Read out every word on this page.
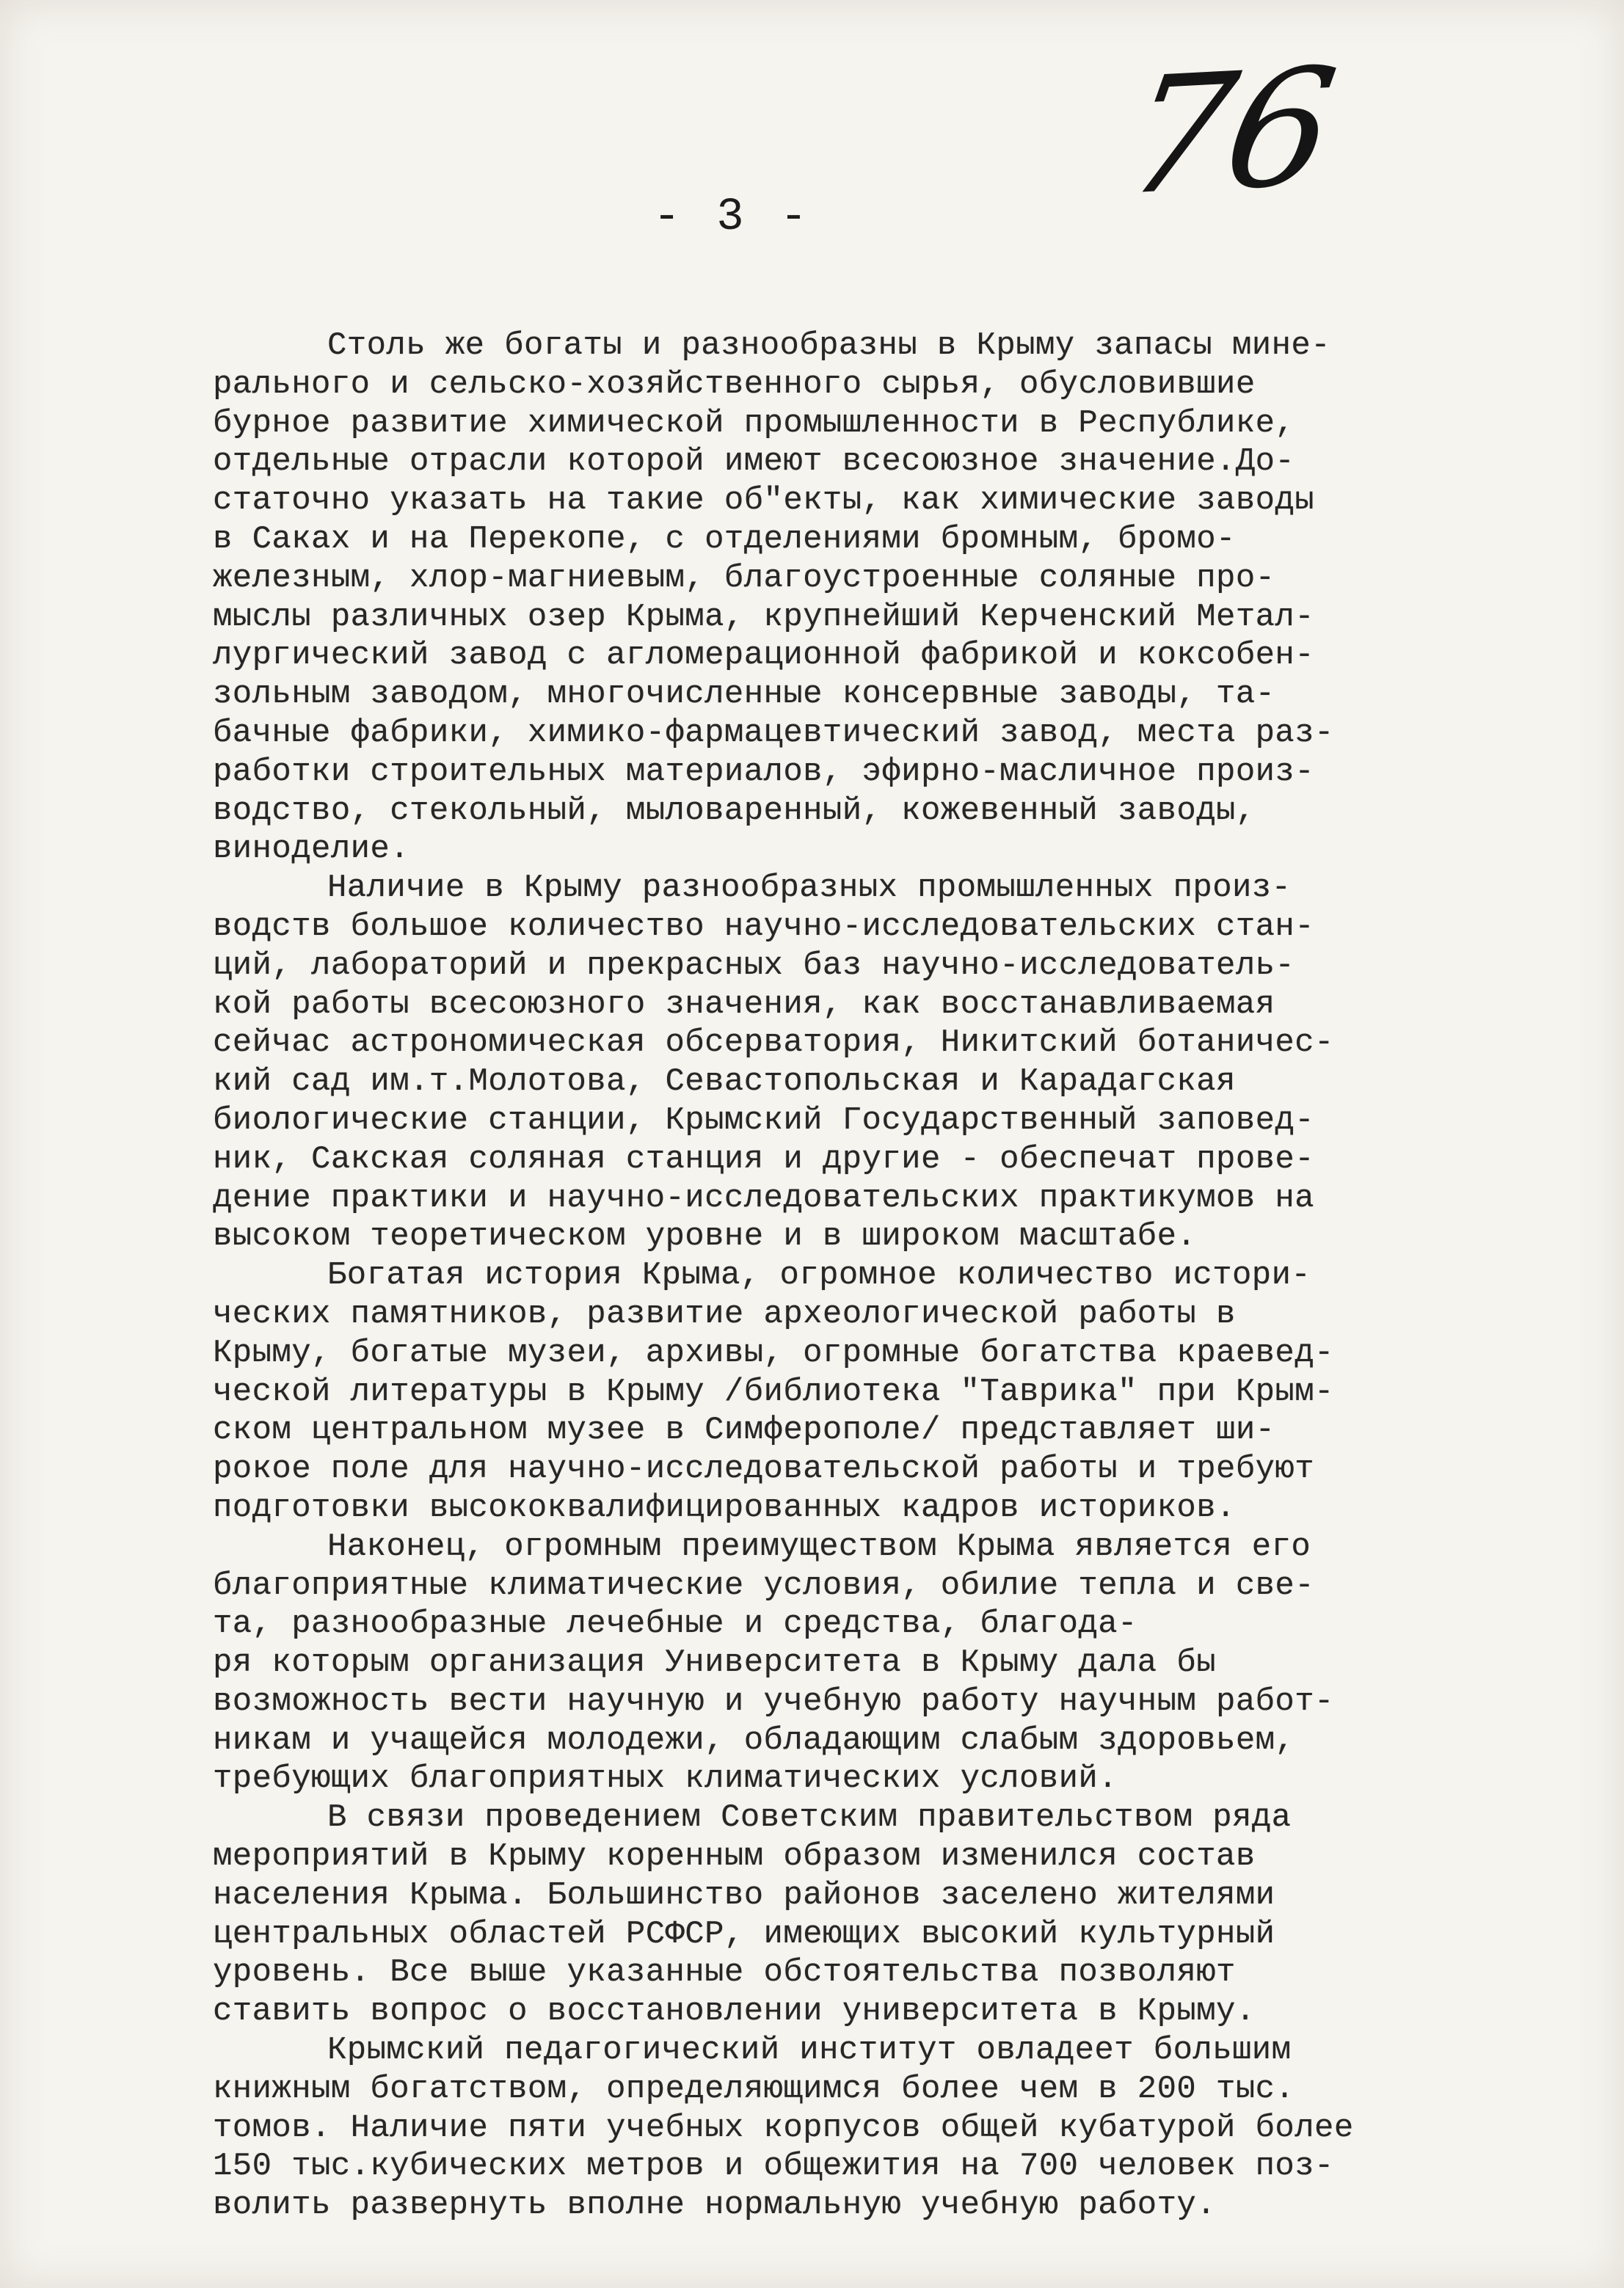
76
- 3 -
Столь же богаты и разнообразны в Крыму запасы мине-
рального и сельско-хозяйственного сырья, обусловившие
бурное развитие химической промышленности в Республике,
отдельные отрасли которой имеют всесоюзное значение.До-
статочно указать на такие об"екты, как химические заводы
в Саках и на Перекопе, с отделениями бромным, бромо-
железным, хлор-магниевым, благоустроенные соляные про-
мыслы различных озер Крыма, крупнейший Керченский Метал-
лургический завод с агломерационной фабрикой и коксобен-
зольным заводом, многочисленные консервные заводы, та-
бачные фабрики, химико-фармацевтический завод, места раз-
работки строительных материалов, эфирно-масличное произ-
водство, стекольный, мыловаренный, кожевенный заводы,
виноделие.
Наличие в Крыму разнообразных промышленных произ-
водств большое количество научно-исследовательских стан-
ций, лабораторий и прекрасных баз научно-исследователь-
кой работы всесоюзного значения, как восстанавливаемая
сейчас астрономическая обсерватория, Никитский ботаничес-
кий сад им.т.Молотова, Севастопольская и Карадагская
биологические станции, Крымский Государственный заповед-
ник, Сакская соляная станция и другие - обеспечат прове-
дение практики и научно-исследовательских практикумов на
высоком теоретическом уровне и в широком масштабе.
Богатая история Крыма, огромное количество истори-
ческих памятников, развитие археологической работы в
Крыму, богатые музеи, архивы, огромные богатства краевед-
ческой литературы в Крыму /библиотека "Таврика" при Крым-
ском центральном музее в Симферополе/ представляет ши-
рокое поле для научно-исследовательской работы и требуют
подготовки высококвалифицированных кадров историков.
Наконец, огромным преимуществом Крыма является его
благоприятные климатические условия, обилие тепла и све-
та, разнообразные лечебные и средства, благода-
ря которым организация Университета в Крыму дала бы
возможность вести научную и учебную работу научным работ-
никам и учащейся молодежи, обладающим слабым здоровьем,
требующих благоприятных климатических условий.
В связи проведением Советским правительством ряда
мероприятий в Крыму коренным образом изменился состав
населения Крыма. Большинство районов заселено жителями
центральных областей РСФСР, имеющих высокий культурный
уровень. Все выше указанные обстоятельства позволяют
ставить вопрос о восстановлении университета в Крыму.
Крымский педагогический институт овладеет большим
книжным богатством, определяющимся более чем в 200 тыс.
томов. Наличие пяти учебных корпусов общей кубатурой более
150 тыс.кубических метров и общежития на 700 человек поз-
волить развернуть вполне нормальную учебную работу.
